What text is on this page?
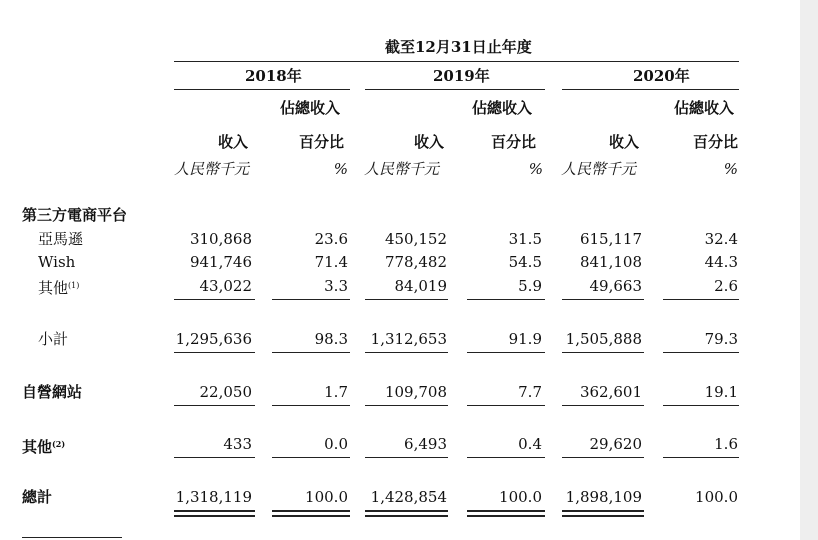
截至12月31日止年度
2018年	2019年	2020年
佔總收入	佔總收入	佔總收入
收入	百分比	收入	百分比	收入	百分比
人民幣千元	% 人民幣千元	% 人民幣千元	%
第三方電商平台
亞馬遜	310,868	23.6	450,152	31.5	615,117	32.4
Wish	941,746	71.4	778,482	54.5	841,108	44.3
其他$^{(1)}$	43,022	3.3	84,019	5.9	49,663	2.6
小計	1,295,636	98.3	1,312,653	91.9	1,505,888	79.3
自營網站	22,050	1.7	109,708	7.7	362,601	19.1
其他$^{(2)}$	433	0.0	6,493	0.4	29,620	1.6
總計	1,318,119	100.0	1,428,854	100.0	1,898,109	100.0
